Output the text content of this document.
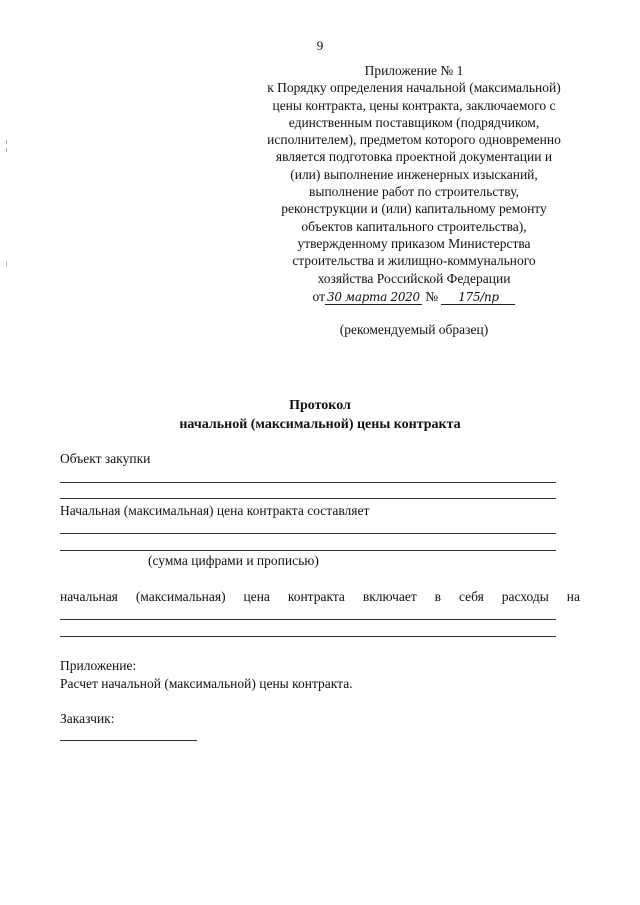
9
Приложение № 1
к Порядку определения начальной (максимальной)
цены контракта, цены контракта, заключаемого с
единственным поставщиком (подрядчиком,
исполнителем), предметом которого одновременно
является подготовка проектной документации и
(или) выполнение инженерных изысканий,
выполнение работ по строительству,
реконструкции и (или) капитальному ремонту
объектов капитального строительства),
утвержденному приказом Министерства
строительства и жилищно-коммунального
хозяйства Российской Федерации
от 30 марта 2020 № 175/пр
(рекомендуемый образец)
Протокол
начальной (максимальной) цены контракта
Объект закупки
Начальная (максимальная) цена контракта составляет
(сумма цифрами и прописью)
начальная (максимальная) цена контракта включает в себя расходы на
Приложение:
Расчет начальной (максимальной) цены контракта.
Заказчик:
